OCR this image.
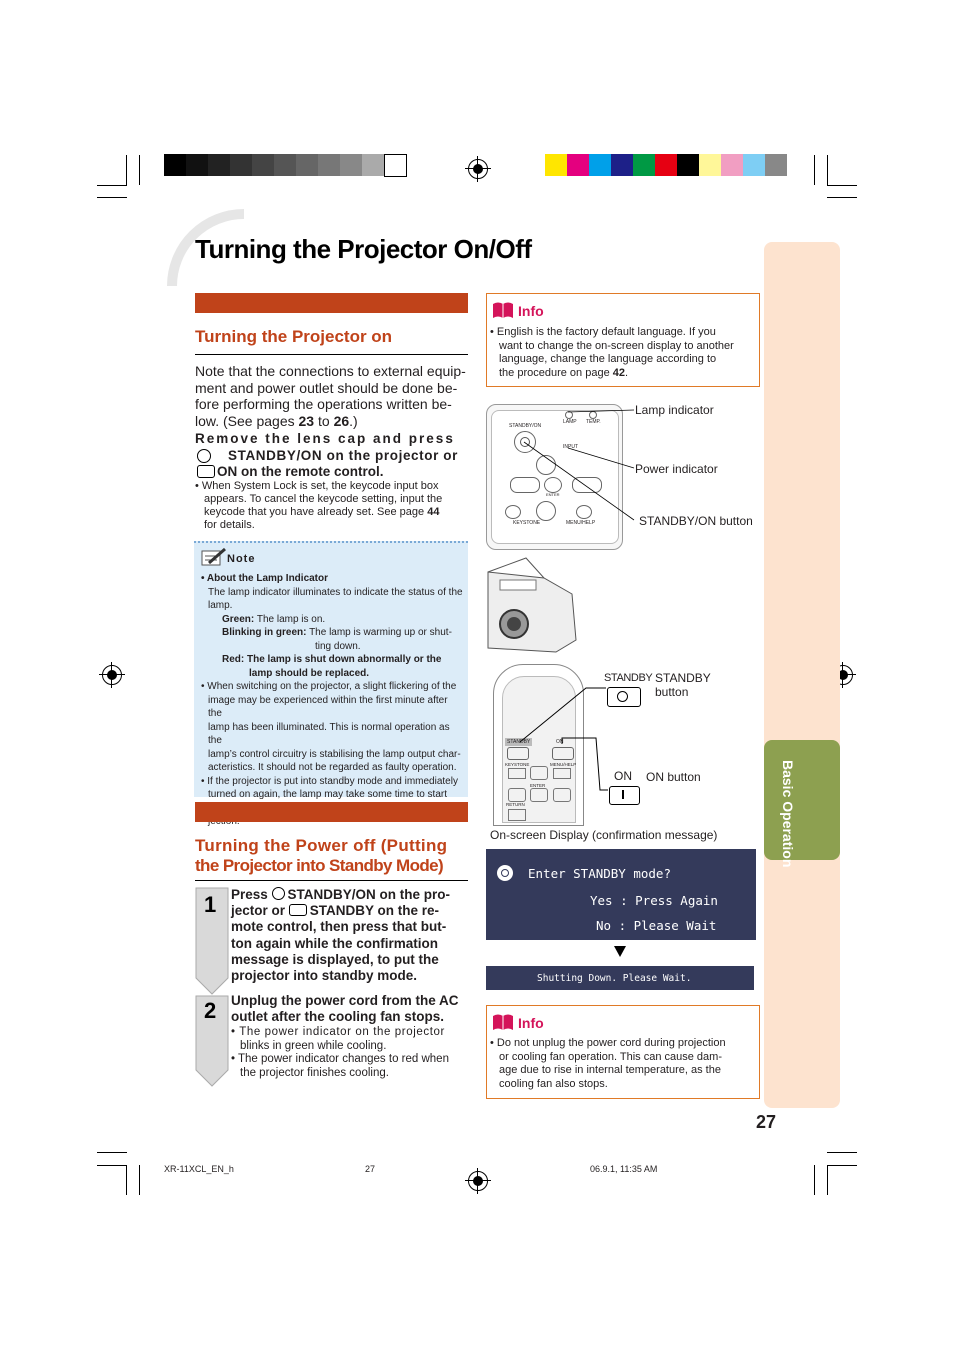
Turning the Projector On/Off
Basic Operation
27
Turning the Projector on
Note that the connections to external equip-
ment and power outlet should be done be-
fore performing the operations written be-
low. (See pages 23 to 26.)
Remove the lens cap and press
STANDBY/ON on the projector or
ON on the remote control.
• When System Lock is set, the keycode input box
appears. To cancel the keycode setting, input the
keycode that you have already set. See page 44
for details.
Note
• About the Lamp Indicator
The lamp indicator illuminates to indicate the status of the
lamp.
Green: The lamp is on.
Blinking in green: The lamp is warming up or shut-
ting down.
Red: The lamp is shut down abnormally or the
lamp should be replaced.
• When switching on the projector, a slight flickering of the
image may be experienced within the first minute after the
lamp has been illuminated. This is normal operation as the
lamp’s control circuitry is stabilising the lamp output char-
acteristics. It should not be regarded as faulty operation.
• If the projector is put into standby mode and immediately
turned on again, the lamp may take some time to start
Turning the Power off (Putting
the Projector into Standby Mode)
1
2
Press STANDBY/ON on the pro-
jector or STANDBY on the re-
mote control, then press that but-
ton again while the confirmation
message is displayed, to put the
projector into standby mode.
Unplug the power cord from the AC
outlet after the cooling fan stops.
• The power indicator on the projector
blinks in green while cooling.
• The power indicator changes to red when
the projector finishes cooling.
Info
• English is the factory default language. If you
want to change the on-screen display to another
language, change the language according to
the procedure on page 42.
STANDBY/ON
LAMP TEMP.
INPUT
ENTER
KEYSTONE	MENU/HELP
Lamp indicator
Power indicator
STANDBY/ON button
STANDBY	ON
KEYSTONE	MENU/HELP
ENTER
RETURN
STANDBY STANDBY
button
ON ON button
On-screen Display (confirmation message)
Enter STANDBY mode?
Yes : Press Again
No : Please Wait
Shutting Down. Please Wait.
Info
• Do not unplug the power cord during projection
or cooling fan operation. This can cause dam-
age due to rise in internal temperature, as the
cooling fan also stops.
XR-11XCL_EN_h	27	06.9.1, 11:35 AM
